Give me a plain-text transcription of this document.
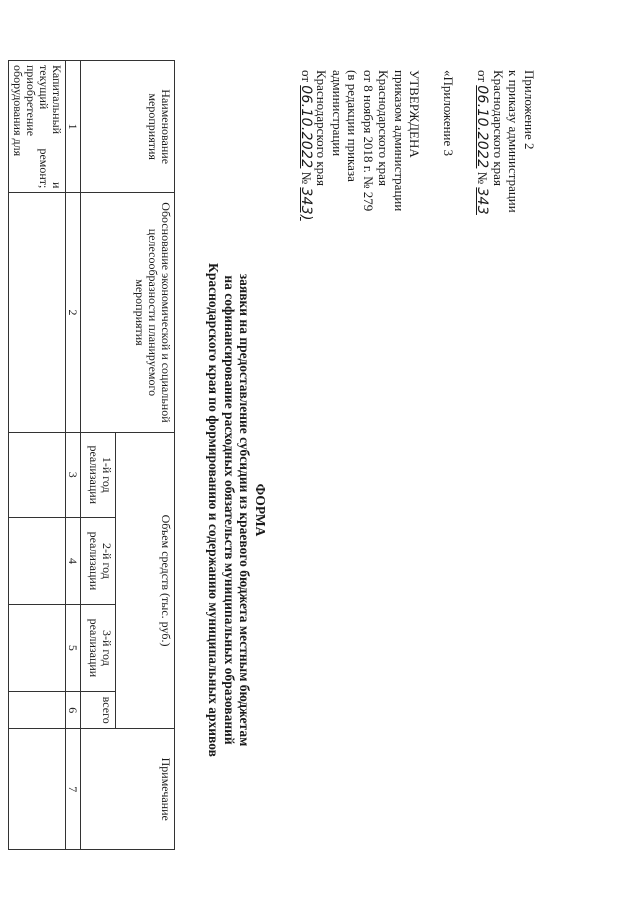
Приложение 2
к приказу администрации
Краснодарского края
от 06.10.2022 № 343
«Приложение 3
УТВЕРЖДЕНА
приказом администрации
Краснодарского края
от 8 ноября 2018 г. № 279
(в редакции приказа
администрации
Краснодарского края
от 06.10.2022 № 343)
ФОРМА
заявки на предоставление субсидии из краевого бюджета местным бюджетам
на софинансирование расходных обязательств муниципальных образований
Краснодарского края по формированию и содержанию муниципальных архивов
Наименование мероприятия	Обоснование экономической и социальной целесообразности планируемого мероприятия	Объем средств (тыс. руб.)				Примечание
		1-й год реализации	2-й год реализации	3-й год реализации	всего	
1	2	3	4	5	6	7
Капитальный и текущий ремонт; приобретение оборудования для						
